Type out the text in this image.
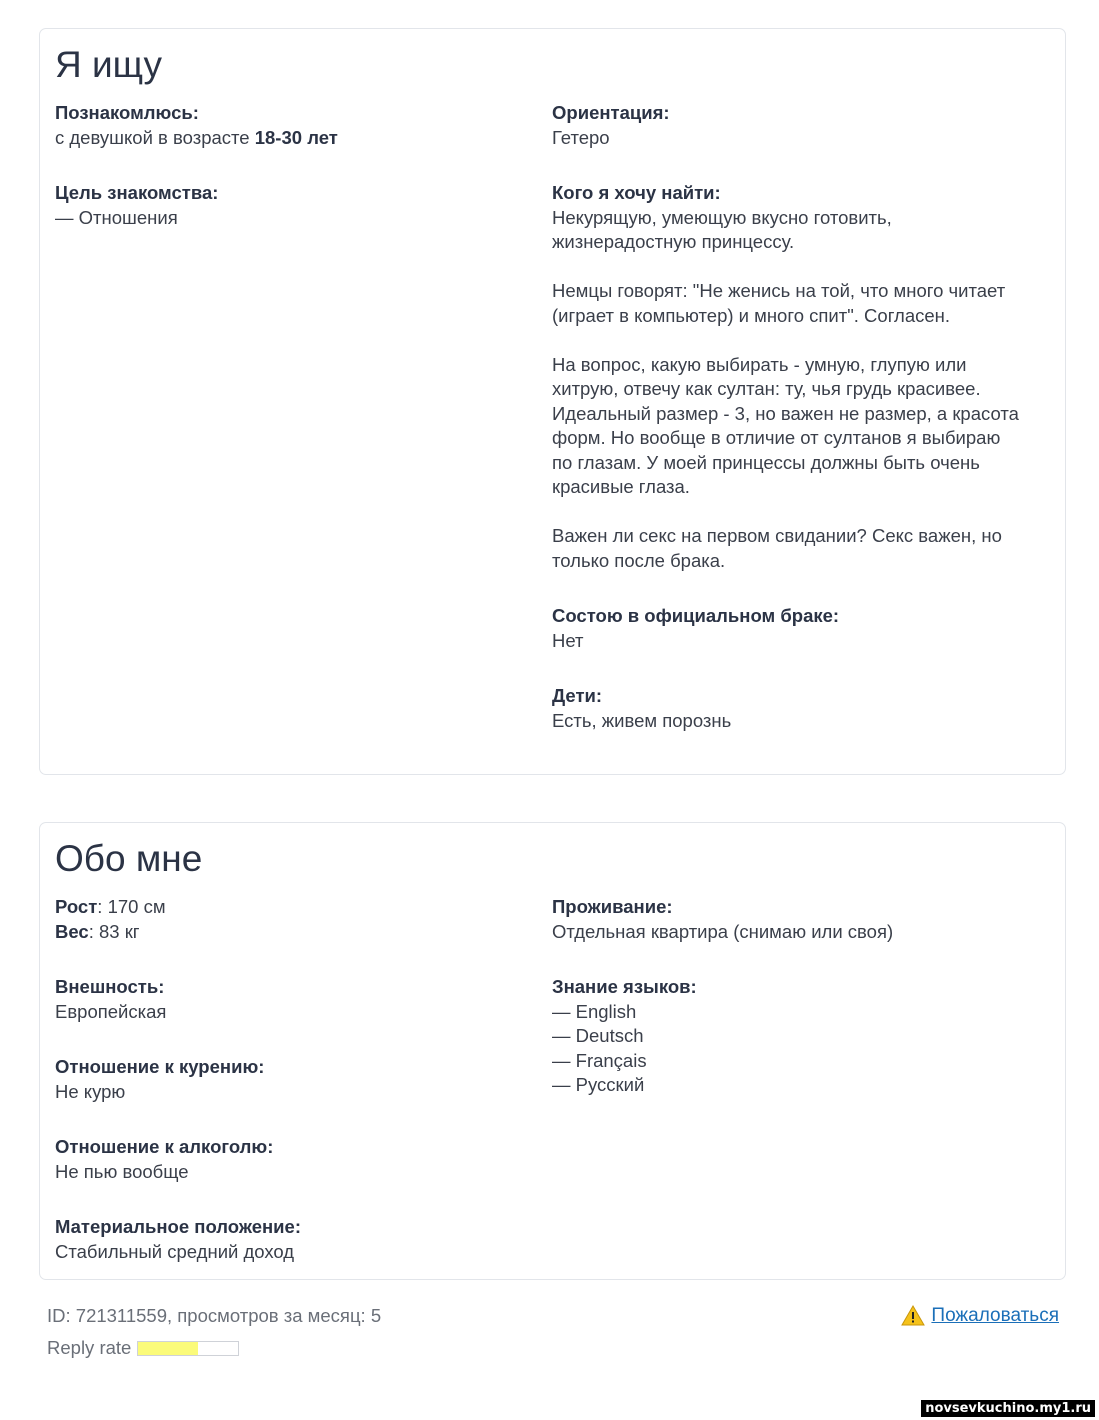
Я ищу
Познакомлюсь:
с девушкой в возрасте 18-30 лет
Цель знакомства:
— Отношения
Ориентация:
Гетеро
Кого я хочу найти:
Некурящую, умеющую вкусно готовить, жизнерадостную принцессу.
Немцы говорят: "Не женись на той, что много читает (играет в компьютер) и много спит". Согласен.
На вопрос, какую выбирать - умную, глупую или хитрую, отвечу как султан: ту, чья грудь красивее. Идеальный размер - 3, но важен не размер, а красота форм. Но вообще в отличие от султанов я выбираю по глазам. У моей принцессы должны быть очень красивые глаза.
Важен ли секс на первом свидании? Секс важен, но только после брака.
Состою в официальном браке:
Нет
Дети:
Есть, живем порознь
Обо мне
Рост: 170 см
Вес: 83 кг
Внешность:
Европейская
Отношение к курению:
Не курю
Отношение к алкоголю:
Не пью вообще
Материальное положение:
Стабильный средний доход
Проживание:
Отдельная квартира (снимаю или своя)
Знание языков:
— English
— Deutsch
— Français
— Русский
ID: 721311559, просмотров за месяц: 5
Reply rate
Пожаловаться
novsevkuchino.my1.ru
